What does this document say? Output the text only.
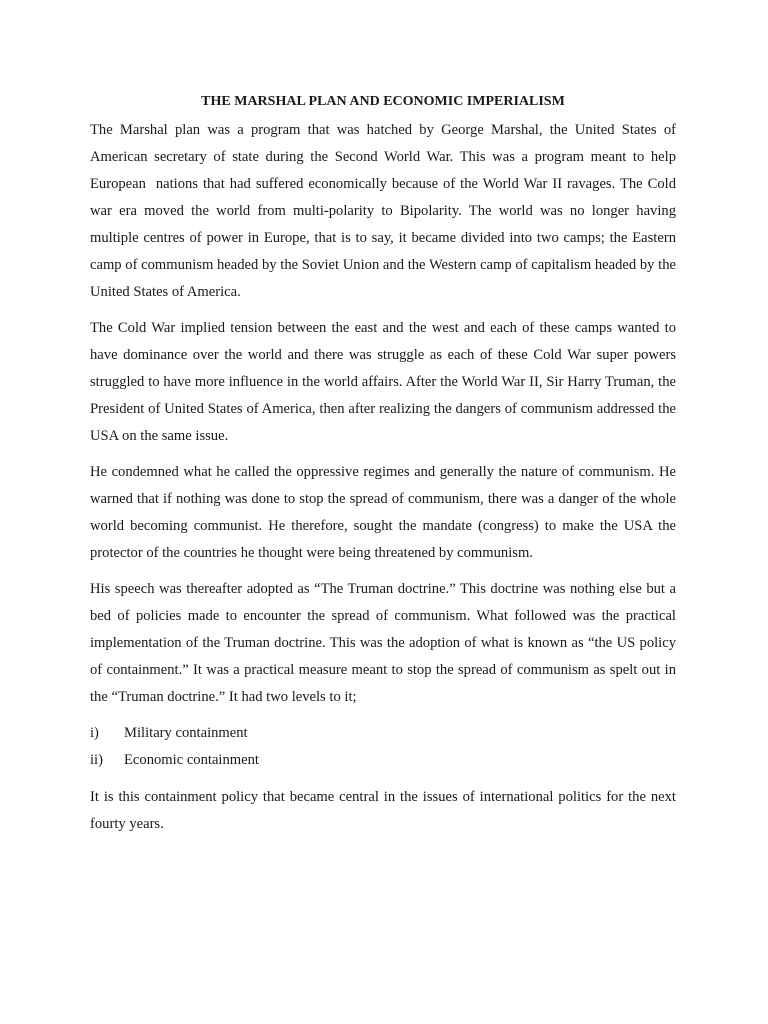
THE MARSHAL PLAN AND ECONOMIC IMPERIALISM

The Marshal plan was a program that was hatched by George Marshal, the United States of American secretary of state during the Second World War. This was a program meant to help European  nations that had suffered economically because of the World War II ravages. The Cold war era moved the world from multi-polarity to Bipolarity. The world was no longer having multiple centres of power in Europe, that is to say, it became divided into two camps; the Eastern camp of communism headed by the Soviet Union and the Western camp of capitalism headed by the United States of America.

The Cold War implied tension between the east and the west and each of these camps wanted to have dominance over the world and there was struggle as each of these Cold War super powers struggled to have more influence in the world affairs. After the World War II, Sir Harry Truman, the President of United States of America, then after realizing the dangers of communism addressed the USA on the same issue.

He condemned what he called the oppressive regimes and generally the nature of communism. He warned that if nothing was done to stop the spread of communism, there was a danger of the whole world becoming communist. He therefore, sought the mandate (congress) to make the USA the protector of the countries he thought were being threatened by communism.

His speech was thereafter adopted as “The Truman doctrine.” This doctrine was nothing else but a bed of policies made to encounter the spread of communism. What followed was the practical implementation of the Truman doctrine. This was the adoption of what is known as “the US policy of containment.” It was a practical measure meant to stop the spread of communism as spelt out in the “Truman doctrine.” It had two levels to it;

i)	Military containment
ii)	Economic containment

It is this containment policy that became central in the issues of international politics for the next fourty years.
